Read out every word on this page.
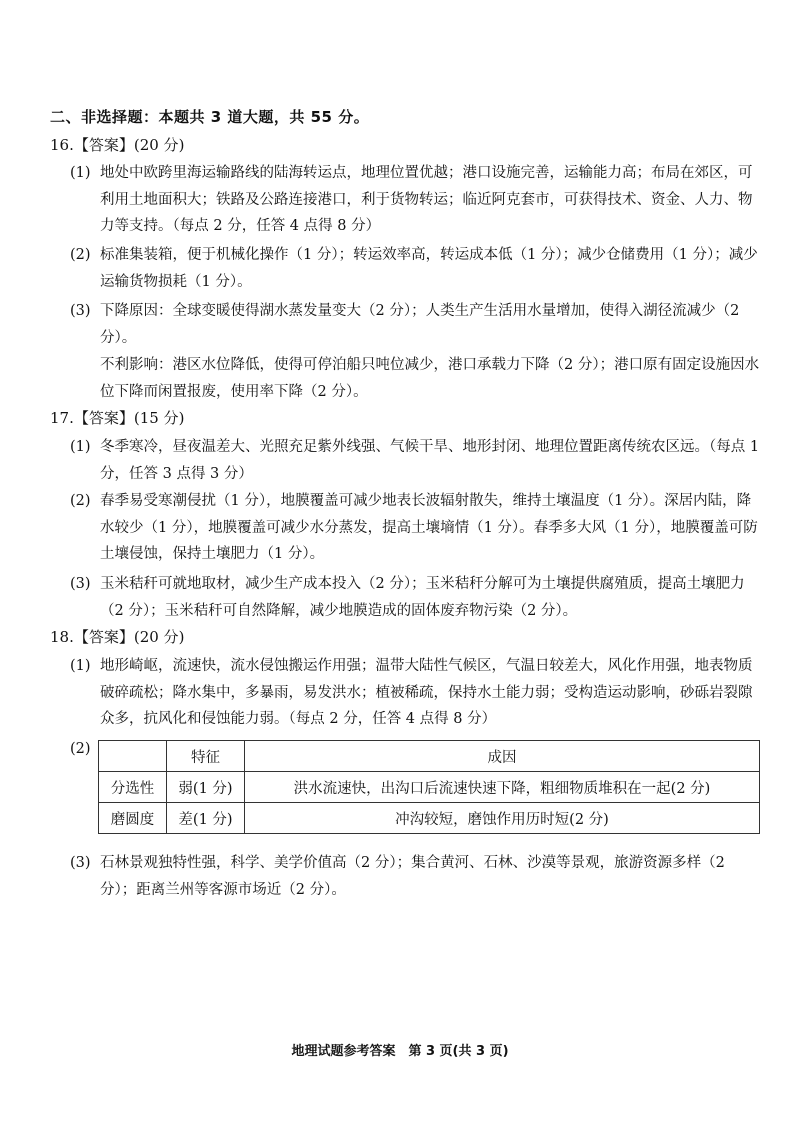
二、非选择题：本题共 3 道大题，共 55 分。
16.【答案】(20 分)
(1) 地处中欧跨里海运输路线的陆海转运点，地理位置优越；港口设施完善，运输能力高；布局在郊区，可利用土地面积大；铁路及公路连接港口，利于货物转运；临近阿克套市，可获得技术、资金、人力、物力等支持。（每点 2 分，任答 4 点得 8 分）
(2) 标准集装箱，便于机械化操作（1 分）；转运效率高，转运成本低（1 分）；减少仓储费用（1 分）；减少运输货物损耗（1 分）。
(3) 下降原因：全球变暖使得湖水蒸发量变大（2 分）；人类生产生活用水量增加，使得入湖径流减少（2 分）。
不利影响：港区水位降低，使得可停泊船只吨位减少，港口承载力下降（2 分）；港口原有固定设施因水位下降而闲置报废，使用率下降（2 分）。
17.【答案】(15 分)
(1) 冬季寒冷，昼夜温差大、光照充足紫外线强、气候干旱、地形封闭、地理位置距离传统农区远。（每点 1 分，任答 3 点得 3 分）
(2) 春季易受寒潮侵扰（1 分），地膜覆盖可减少地表长波辐射散失，维持土壤温度（1 分）。深居内陆，降水较少（1 分），地膜覆盖可减少水分蒸发，提高土壤墒情（1 分）。春季多大风（1 分），地膜覆盖可防土壤侵蚀，保持土壤肥力（1 分）。
(3) 玉米秸秆可就地取材，减少生产成本投入（2 分）；玉米秸秆分解可为土壤提供腐殖质，提高土壤肥力（2 分）；玉米秸秆可自然降解，减少地膜造成的固体废弃物污染（2 分）。
18.【答案】(20 分)
(1) 地形崎岖，流速快，流水侵蚀搬运作用强；温带大陆性气候区，气温日较差大，风化作用强，地表物质破碎疏松；降水集中，多暴雨，易发洪水；植被稀疏，保持水土能力弱；受构造运动影响，砂砾岩裂隙众多，抗风化和侵蚀能力弱。（每点 2 分，任答 4 点得 8 分）
(2)
	特征	成因
分选性	弱(1 分)	洪水流速快，出沟口后流速快速下降，粗细物质堆积在一起(2 分)
磨圆度	差(1 分)	冲沟较短，磨蚀作用历时短(2 分)
(3) 石林景观独特性强，科学、美学价值高（2 分）；集合黄河、石林、沙漠等景观，旅游资源多样（2 分）；距离兰州等客源市场近（2 分）。
地理试题参考答案　第 3 页(共 3 页)
